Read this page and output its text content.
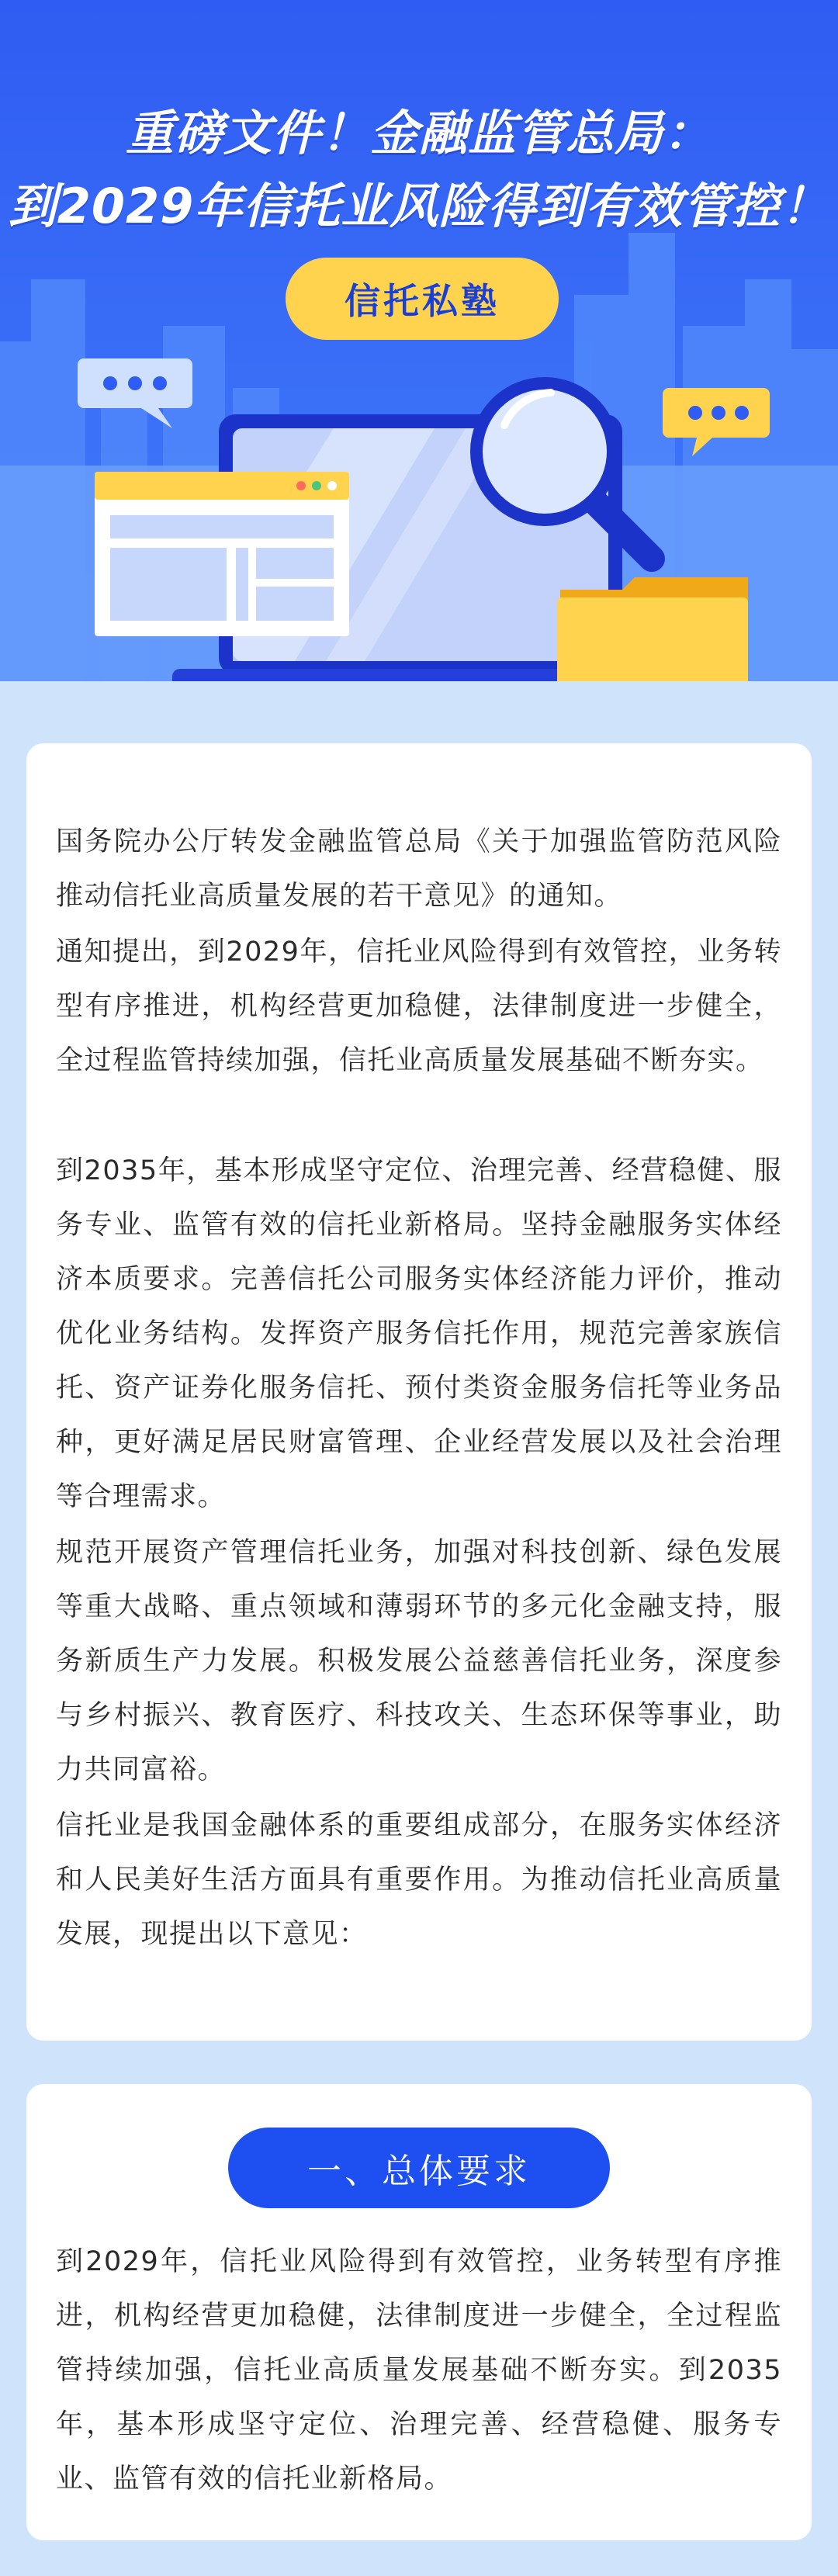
重磅文件！金融监管总局：
到2029年信托业风险得到有效管控！
信托私塾

国务院办公厅转发金融监管总局《关于加强监管防范风险推动信托业高质量发展的若干意见》的通知。

通知提出，到2029年，信托业风险得到有效管控，业务转型有序推进，机构经营更加稳健，法律制度进一步健全，全过程监管持续加强，信托业高质量发展基础不断夯实。

到2035年，基本形成坚守定位、治理完善、经营稳健、服务专业、监管有效的信托业新格局。坚持金融服务实体经济本质要求。完善信托公司服务实体经济能力评价，推动优化业务结构。发挥资产服务信托作用，规范完善家族信托、资产证券化服务信托、预付类资金服务信托等业务品种，更好满足居民财富管理、企业经营发展以及社会治理等合理需求。

规范开展资产管理信托业务，加强对科技创新、绿色发展等重大战略、重点领域和薄弱环节的多元化金融支持，服务新质生产力发展。积极发展公益慈善信托业务，深度参与乡村振兴、教育医疗、科技攻关、生态环保等事业，助力共同富裕。

信托业是我国金融体系的重要组成部分，在服务实体经济和人民美好生活方面具有重要作用。为推动信托业高质量发展，现提出以下意见：

一、总体要求

到2029年，信托业风险得到有效管控，业务转型有序推进，机构经营更加稳健，法律制度进一步健全，全过程监管持续加强，信托业高质量发展基础不断夯实。到2035年，基本形成坚守定位、治理完善、经营稳健、服务专业、监管有效的信托业新格局。
